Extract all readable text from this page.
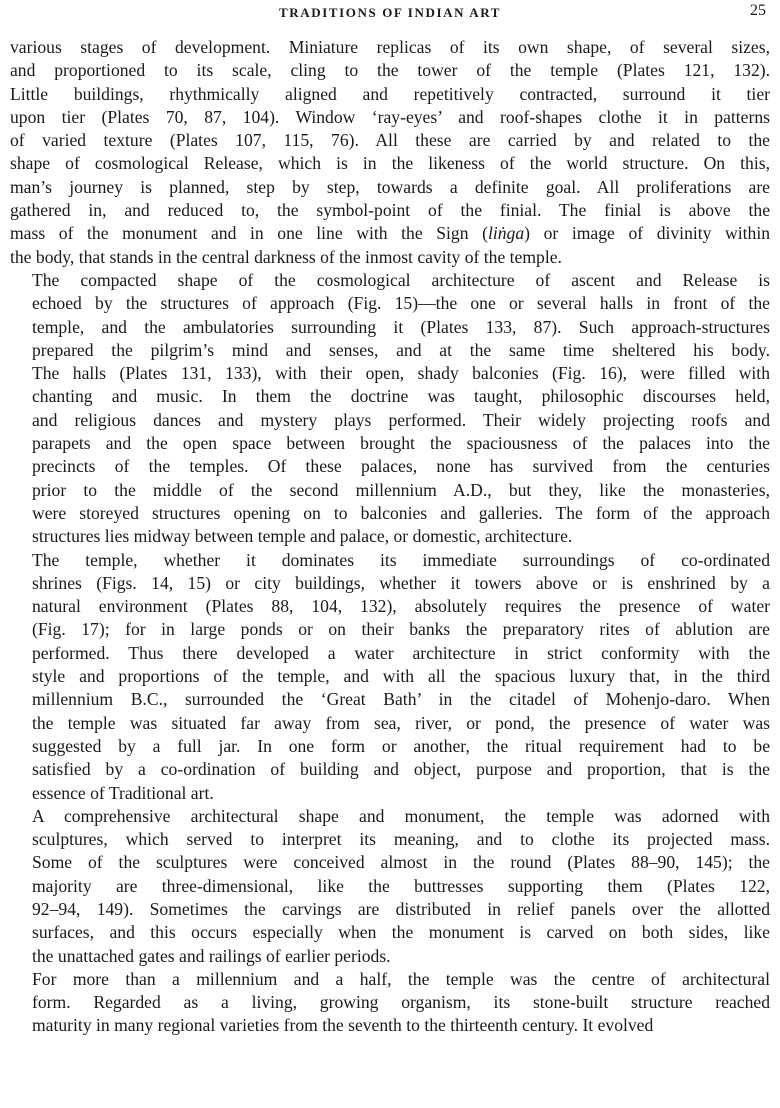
TRADITIONS OF INDIAN ART	25

various stages of development. Miniature replicas of its own shape, of several sizes,
and proportioned to its scale, cling to the tower of the temple (Plates 121, 132).
Little buildings, rhythmically aligned and repetitively contracted, surround it tier
upon tier (Plates 70, 87, 104). Window ‘ray-eyes’ and roof-shapes clothe it in patterns
of varied texture (Plates 107, 115, 76). All these are carried by and related to the
shape of cosmological Release, which is in the likeness of the world structure. On this,
man’s journey is planned, step by step, towards a definite goal. All proliferations are
gathered in, and reduced to, the symbol-point of the finial. The finial is above the
mass of the monument and in one line with the Sign (liṅga) or image of divinity within
the body, that stands in the central darkness of the inmost cavity of the temple.

The compacted shape of the cosmological architecture of ascent and Release is
echoed by the structures of approach (Fig. 15)—the one or several halls in front of the
temple, and the ambulatories surrounding it (Plates 133, 87). Such approach-structures
prepared the pilgrim’s mind and senses, and at the same time sheltered his body.
The halls (Plates 131, 133), with their open, shady balconies (Fig. 16), were filled with
chanting and music. In them the doctrine was taught, philosophic discourses held,
and religious dances and mystery plays performed. Their widely projecting roofs and
parapets and the open space between brought the spaciousness of the palaces into the
precincts of the temples. Of these palaces, none has survived from the centuries
prior to the middle of the second millennium A.D., but they, like the monasteries,
were storeyed structures opening on to balconies and galleries. The form of the approach
structures lies midway between temple and palace, or domestic, architecture.

The temple, whether it dominates its immediate surroundings of co-ordinated
shrines (Figs. 14, 15) or city buildings, whether it towers above or is enshrined by a
natural environment (Plates 88, 104, 132), absolutely requires the presence of water
(Fig. 17); for in large ponds or on their banks the preparatory rites of ablution are
performed. Thus there developed a water architecture in strict conformity with the
style and proportions of the temple, and with all the spacious luxury that, in the third
millennium B.C., surrounded the ‘Great Bath’ in the citadel of Mohenjo-daro. When
the temple was situated far away from sea, river, or pond, the presence of water was
suggested by a full jar. In one form or another, the ritual requirement had to be
satisfied by a co-ordination of building and object, purpose and proportion, that is the
essence of Traditional art.

A comprehensive architectural shape and monument, the temple was adorned with
sculptures, which served to interpret its meaning, and to clothe its projected mass.
Some of the sculptures were conceived almost in the round (Plates 88–90, 145); the
majority are three-dimensional, like the buttresses supporting them (Plates 122,
92–94, 149). Sometimes the carvings are distributed in relief panels over the allotted
surfaces, and this occurs especially when the monument is carved on both sides, like
the unattached gates and railings of earlier periods.

For more than a millennium and a half, the temple was the centre of architectural
form. Regarded as a living, growing organism, its stone-built structure reached
maturity in many regional varieties from the seventh to the thirteenth century. It evolved
